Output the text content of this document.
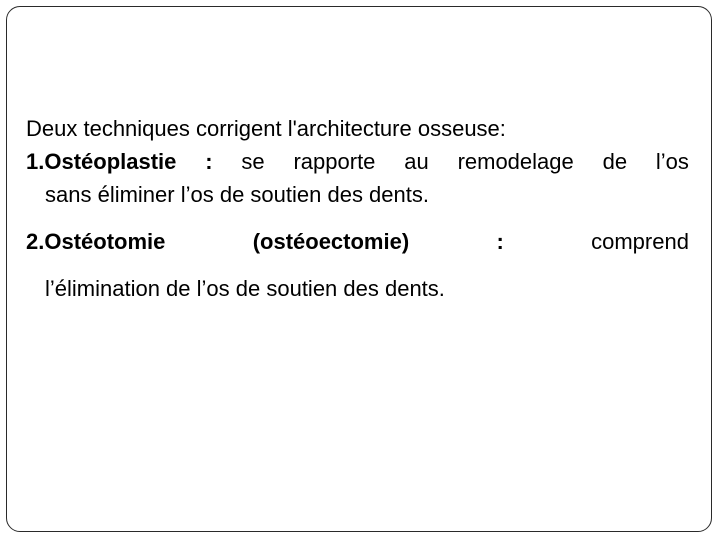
Deux techniques corrigent l'architecture osseuse:

1.Ostéoplastie : se rapporte au remodelage de l’os
sans éliminer l’os de soutien des dents.
2.Ostéotomie	(ostéoectomie)	:	comprend
l’élimination de l’os de soutien des dents.
